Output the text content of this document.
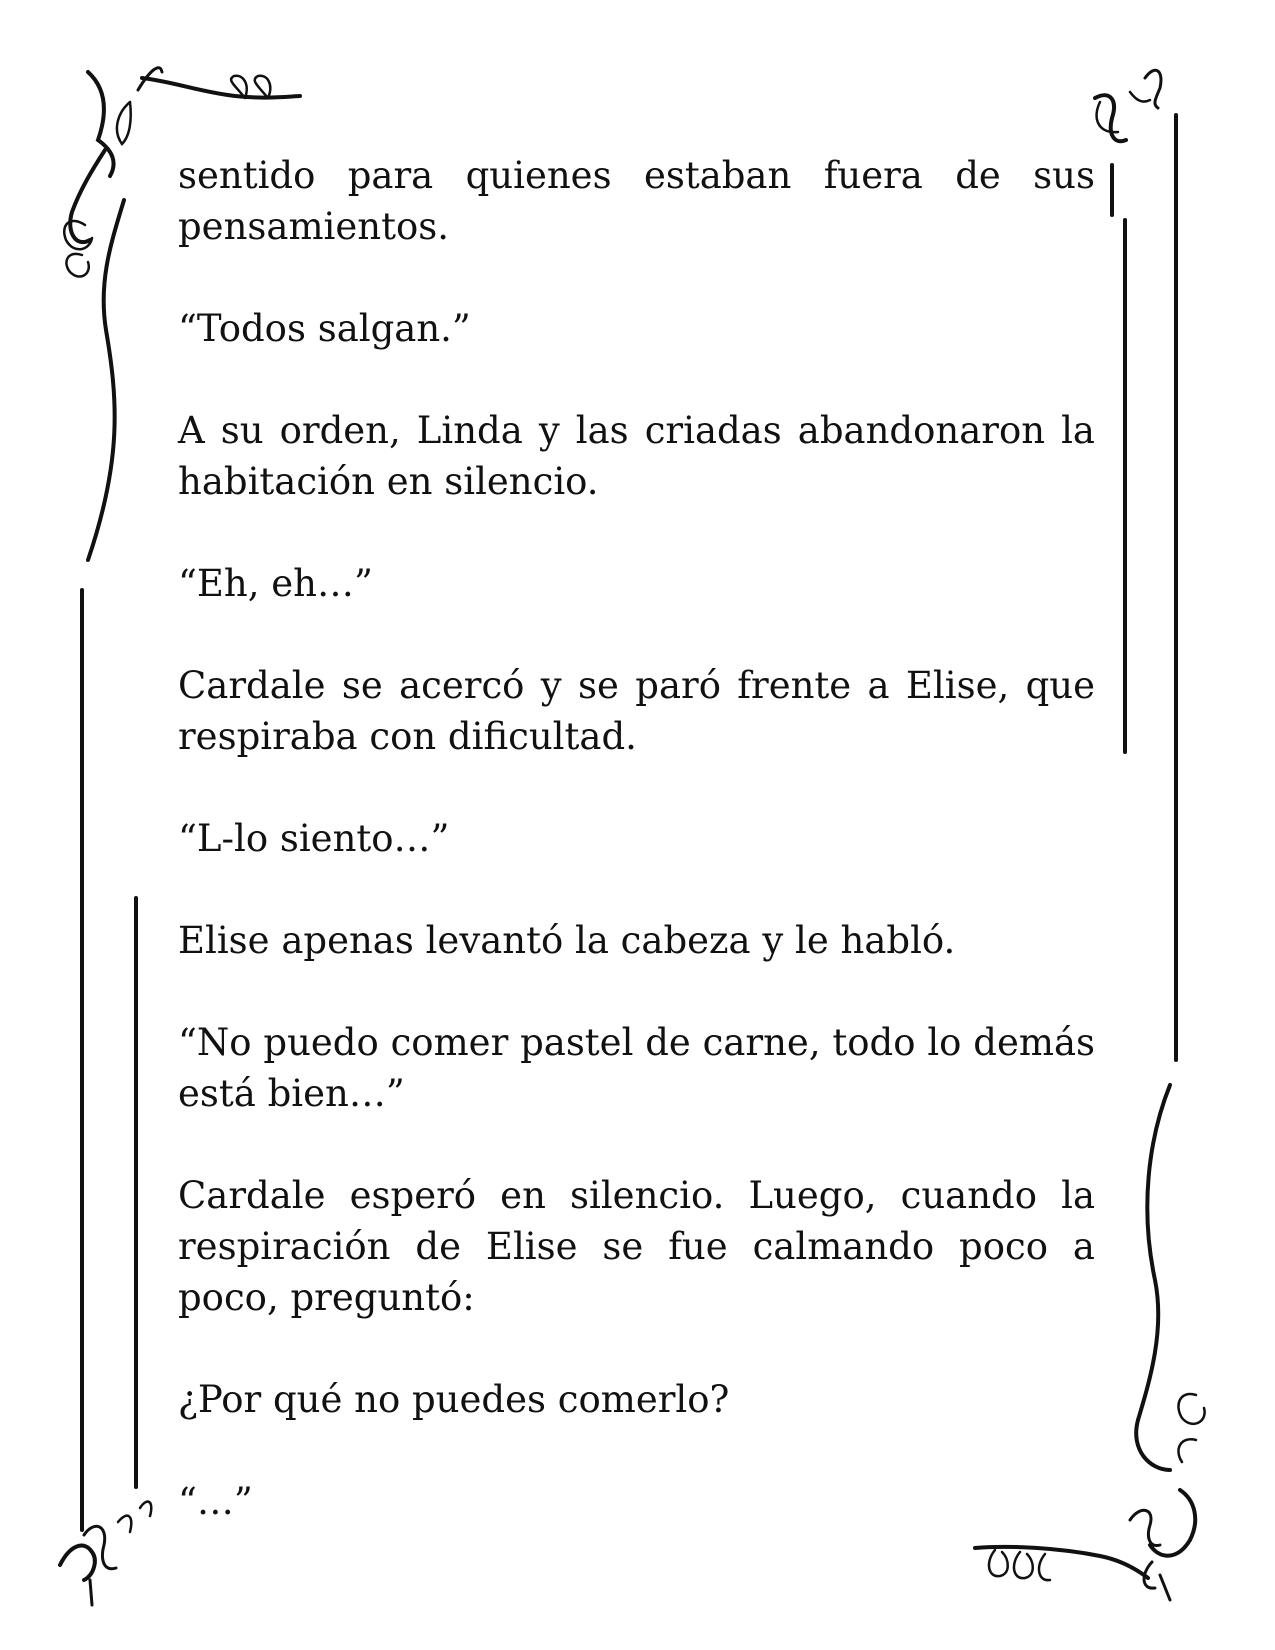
sentido para quienes estaban fuera de sus pensamientos.

“Todos salgan.”

A su orden, Linda y las criadas abandonaron la habitación en silencio.

“Eh, eh…”

Cardale se acercó y se paró frente a Elise, que respiraba con dificultad.

“L-lo siento…”

Elise apenas levantó la cabeza y le habló.

“No puedo comer pastel de carne, todo lo demás está bien…”

Cardale esperó en silencio. Luego, cuando la respiración de Elise se fue calmando poco a poco, preguntó:

¿Por qué no puedes comerlo?

“…”
